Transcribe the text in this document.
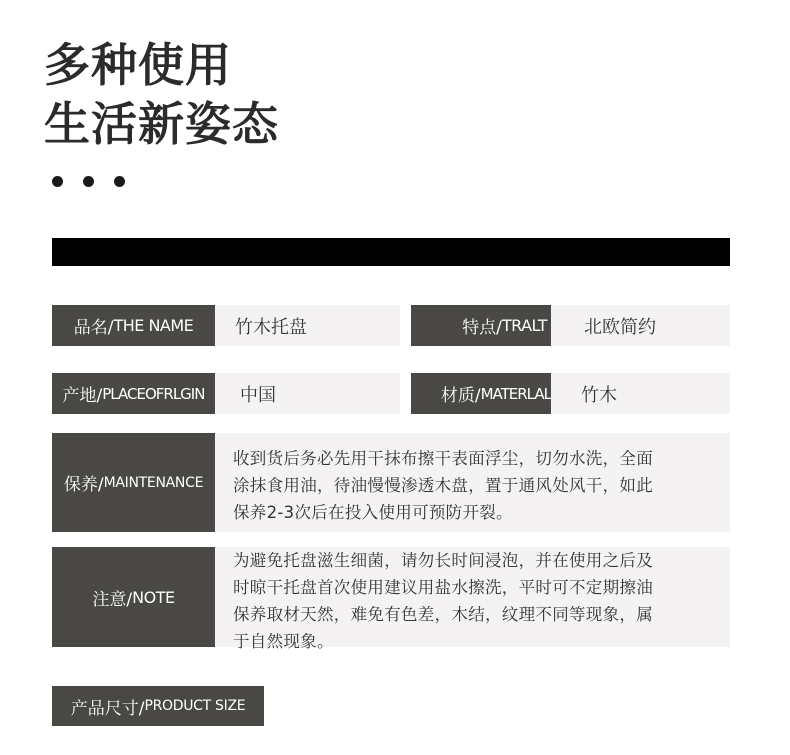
多种使用
生活新姿态
品名/ THE NAME	竹木托盘	特点/ TRALT	北欧简约
产地/ PLACEOFRLGIN	中国	材质/ MATERLAL	竹木
保养/ MAINTENANCE
收到货后务必先用干抹布擦干表面浮尘，切勿水洗，全面
涂抹食用油，待油慢慢渗透木盘，置于通风处风干，如此
保养2-3次后在投入使用可预防开裂。
注意/ NOTE
为避免托盘滋生细菌，请勿长时间浸泡，并在使用之后及
时晾干托盘首次使用建议用盐水擦洗，平时可不定期擦油
保养取材天然，难免有色差，木结，纹理不同等现象，属
于自然现象。
产品尺寸/ PRODUCT SIZE
